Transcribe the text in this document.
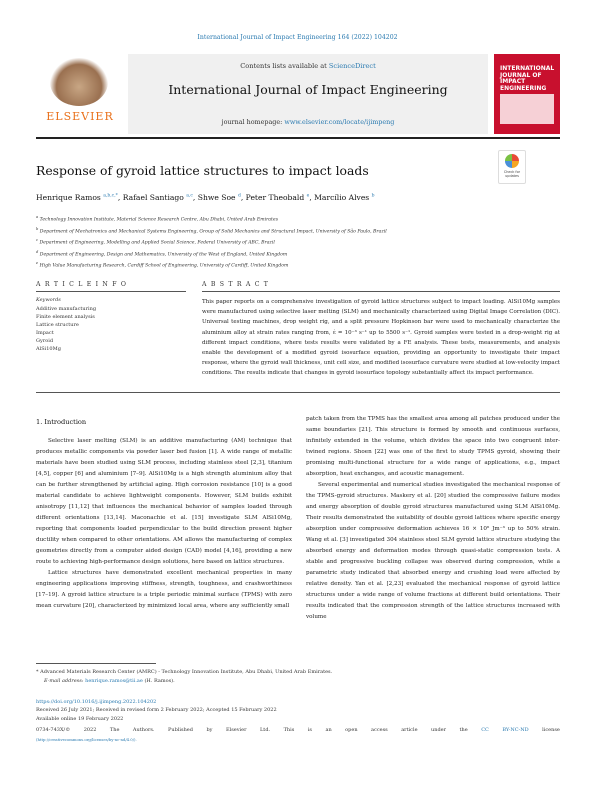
International Journal of Impact Engineering 164 (2022) 104202
ELSEVIER
Contents lists available at ScienceDirect
International Journal of Impact Engineering
journal homepage: www.elsevier.com/locate/ijimpeng
INTERNATIONAL JOURNAL OF IMPACT ENGINEERING
Response of gyroid lattice structures to impact loads	Check for updates
Henrique Ramos $^{a,b,c,*}$, Rafael Santiago $^{a,c}$, Shwe Soe $^d$, Peter Theobald $^e$, Marcílio Alves $^b$
$^a$ Technology Innovation Institute, Material Science Research Centre, Abu Dhabi, United Arab Emirates
$^b$ Department of Mechatronics and Mechanical Systems Engineering, Group of Solid Mechanics and Structural Impact, University of São Paulo, Brazil
$^c$ Department of Engineering, Modelling and Applied Social Science, Federal University of ABC, Brazil
$^d$ Department of Engineering, Design and Mathematics, University of the West of England, United Kingdom
$^e$ High Value Manufacturing Research, Cardiff School of Engineering, University of Cardiff, United Kingdom
A R T I C L E I N F O	A B S T R A C T
Keywords
Additive manufacturing
Finite element analysis
Lattice structure
Impact
Gyroid
AlSi10Mg
This paper reports on a comprehensive investigation of gyroid lattice structures subject to impact loading. AlSi10Mg samples were manufactured using selective laser melting (SLM) and mechanically characterized using Digital Image Correlation (DIC). Universal testing machines, drop weight rig, and a split pressure Hopkinson bar were used to mechanically characterize the aluminium alloy at strain rates ranging from, ε̇ = 10⁻³ s⁻¹ up to 5500 s⁻¹. Gyroid samples were tested in a drop-weight rig at different impact conditions, where tests results were validated by a FE analysis. These tests, measurements, and analysis enable the development of a modified gyroid isosurface equation, providing an opportunity to investigate their impact response, where the gyroid wall thickness, unit cell size, and modified isosurface curvature were studied at low-velocity impact conditions. The results indicate that changes in gyroid isosurface topology substantially affect its impact performance.
1. Introduction

Selective laser melting (SLM) is an additive manufacturing (AM) technique that produces metallic components via powder laser bed fusion [1]. A wide range of metallic materials have been studied using SLM process, including stainless steel [2,3], titanium [4,5], copper [6] and aluminium [7–9]. AlSi10Mg is a high strength aluminium alloy that can be further strengthened by artificial aging. High corrosion resistance [10] is a good material candidate to achieve lightweight components. However, SLM builds exhibit anisotropy [11,12] that influences the mechanical behavior of samples loaded through different orientations [13,14]. Maconachie et al. [15] investigate SLM AlSi10Mg, reporting that components loaded perpendicular to the build direction present higher ductility when compared to other orientations. AM allows the manufacturing of complex geometries directly from a computer aided design (CAD) model [4,16], providing a new route to achieving high-performance design solutions, here based on lattice structures.

Lattice structures have demonstrated excellent mechanical properties in many engineering applications improving stiffness, strength, toughness, and crashworthiness [17–19]. A gyroid lattice structure is a triple periodic minimal surface (TPMS) with zero mean curvature [20], characterized by minimized local area, where any sufficiently small

patch taken from the TPMS has the smallest area among all patches produced under the same boundaries [21]. This structure is formed by smooth and continuous surfaces, infinitely extended in the volume, which divides the space into two congruent inter-twined regions. Shoen [22] was one of the first to study TPMS gyroid, showing their promising multi-functional structure for a wide range of applications, e.g., impact absorption, heat exchanges, and acoustic management.

Several experimental and numerical studies investigated the mechanical response of the TPMS-gyroid structures. Maskery et al. [20] studied the compressive failure modes and energy absorption of double gyroid structures manufactured using SLM AlSi10Mg. Their results demonstrated the suitability of double gyroid lattices where specific energy absorption under compressive deformation achieves 16 × 10⁶ Jm⁻³ up to 50% strain. Wang et al. [3] investigated 304 stainless steel SLM gyroid lattice structure studying the absorbed energy and deformation modes through quasi-static compression tests. A stable and progressive buckling collapse was observed during compression, while a parametric study indicated that absorbed energy and crushing load were affected by relative density. Yan et al. [2,23] evaluated the mechanical response of gyroid lattice structures under a wide range of volume fractions at different build orientations. Their results indicated that the compression strength of the lattice structures increased with volume

* Advanced Materials Research Center (AMRC) - Technology Innovation Institute, Abu Dhabi, United Arab Emirates.
E-mail address: henrique.ramos@tii.ae (H. Ramos).
https://doi.org/10.1016/j.ijimpeng.2022.104202
Received 26 July 2021; Received in revised form 2 February 2022; Accepted 15 February 2022
Available online 19 February 2022
0734-743X/©	2022	The	Authors.	Published	by	Elsevier	Ltd.	This	is	an	open	access	article	under	the	CC	BY-NC-ND	license
(http://creativecommons.org/licenses/by-nc-nd/4.0/).
